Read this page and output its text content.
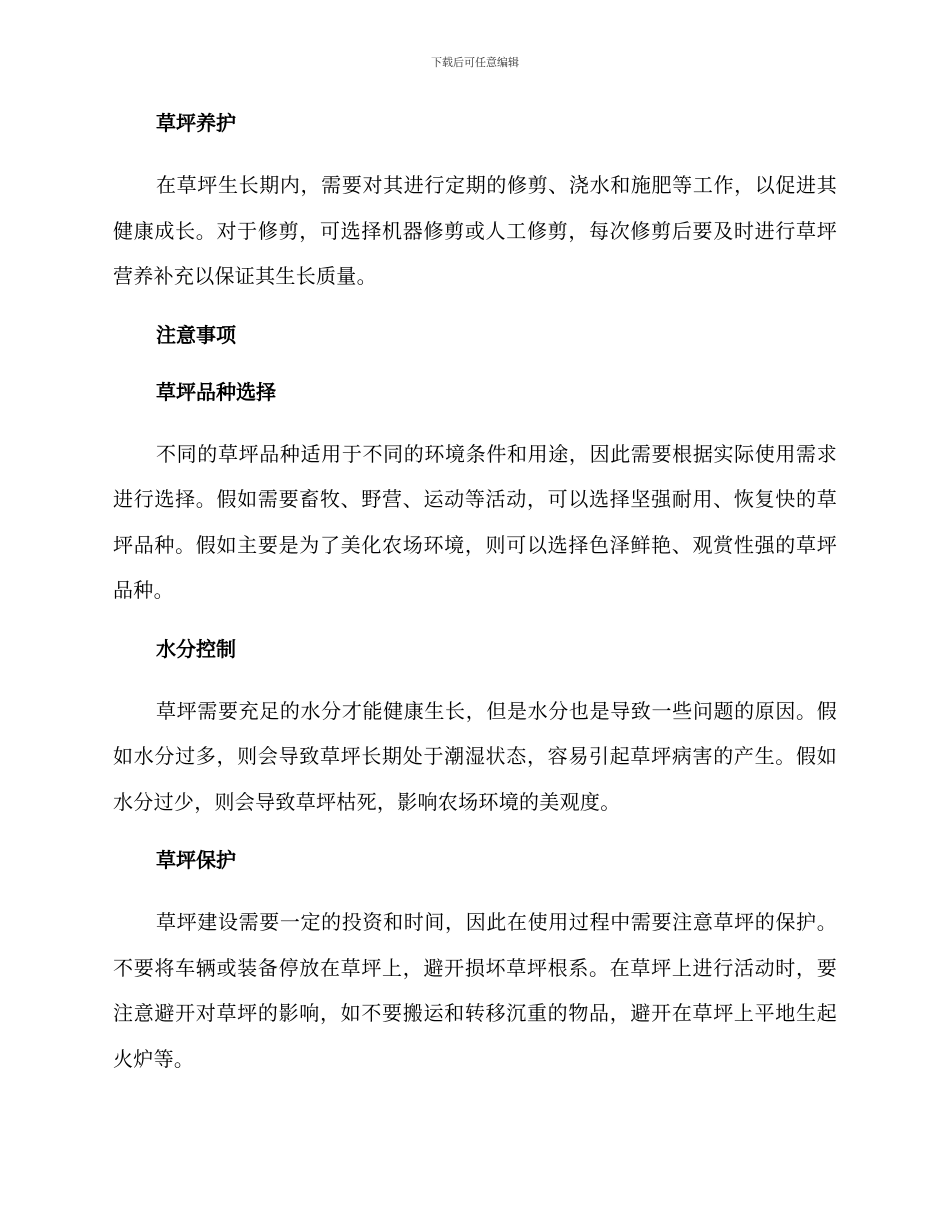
下载后可任意编辑
草坪养护

在草坪生长期内，需要对其进行定期的修剪、浇水和施肥等工作，以促进其健康成长。对于修剪，可选择机器修剪或人工修剪，每次修剪后要及时进行草坪营养补充以保证其生长质量。

注意事项
草坪品种选择

不同的草坪品种适用于不同的环境条件和用途，因此需要根据实际使用需求进行选择。假如需要畜牧、野营、运动等活动，可以选择坚强耐用、恢复快的草坪品种。假如主要是为了美化农场环境，则可以选择色泽鲜艳、观赏性强的草坪品种。

水分控制

草坪需要充足的水分才能健康生长，但是水分也是导致一些问题的原因。假如水分过多，则会导致草坪长期处于潮湿状态，容易引起草坪病害的产生。假如水分过少，则会导致草坪枯死，影响农场环境的美观度。

草坪保护

草坪建设需要一定的投资和时间，因此在使用过程中需要注意草坪的保护。不要将车辆或装备停放在草坪上，避开损坏草坪根系。在草坪上进行活动时，要注意避开对草坪的影响，如不要搬运和转移沉重的物品，避开在草坪上平地生起火炉等。
